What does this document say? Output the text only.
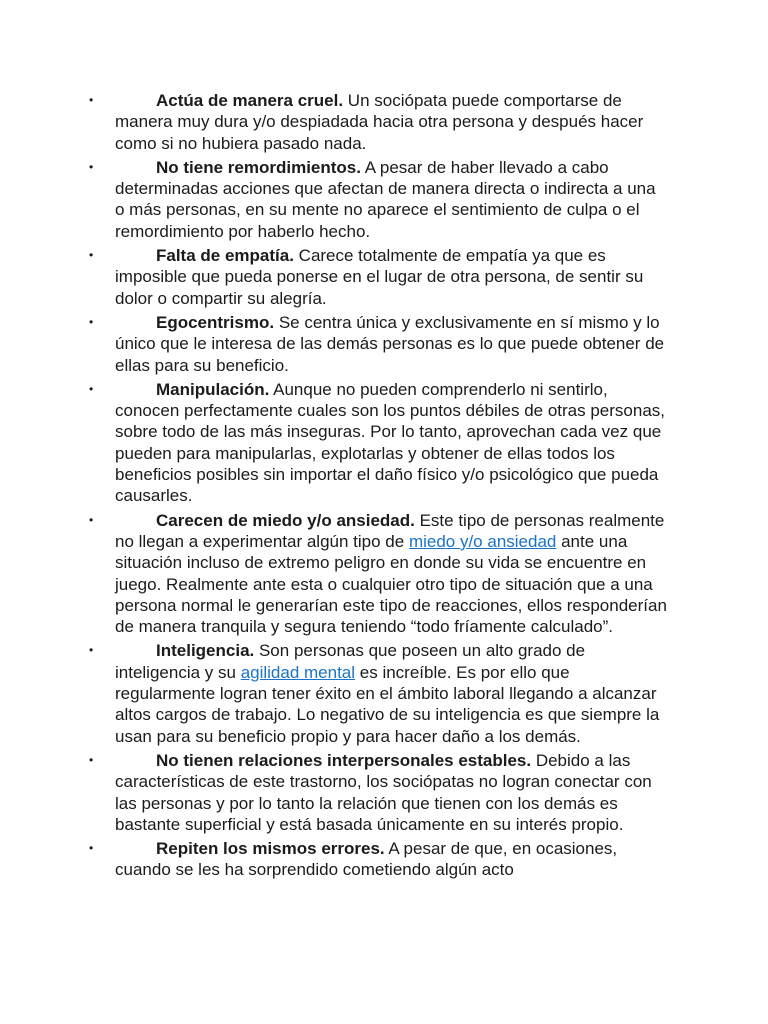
•	Actúa de manera cruel. Un sociópata puede comportarse de manera muy dura y/o despiadada hacia otra persona y después hacer como si no hubiera pasado nada.
•	No tiene remordimientos. A pesar de haber llevado a cabo determinadas acciones que afectan de manera directa o indirecta a una o más personas, en su mente no aparece el sentimiento de culpa o el remordimiento por haberlo hecho.
•	Falta de empatía. Carece totalmente de empatía ya que es imposible que pueda ponerse en el lugar de otra persona, de sentir su dolor o compartir su alegría.
•	Egocentrismo. Se centra única y exclusivamente en sí mismo y lo único que le interesa de las demás personas es lo que puede obtener de ellas para su beneficio.
•	Manipulación. Aunque no pueden comprenderlo ni sentirlo, conocen perfectamente cuales son los puntos débiles de otras personas, sobre todo de las más inseguras. Por lo tanto, aprovechan cada vez que pueden para manipularlas, explotarlas y obtener de ellas todos los beneficios posibles sin importar el daño físico y/o psicológico que pueda causarles.
•	Carecen de miedo y/o ansiedad. Este tipo de personas realmente no llegan a experimentar algún tipo de miedo y/o ansiedad ante una situación incluso de extremo peligro en donde su vida se encuentre en juego. Realmente ante esta o cualquier otro tipo de situación que a una persona normal le generarían este tipo de reacciones, ellos responderían de manera tranquila y segura teniendo “todo fríamente calculado”.
•	Inteligencia. Son personas que poseen un alto grado de inteligencia y su agilidad mental es increíble. Es por ello que regularmente logran tener éxito en el ámbito laboral llegando a alcanzar altos cargos de trabajo. Lo negativo de su inteligencia es que siempre la usan para su beneficio propio y para hacer daño a los demás.
•	No tienen relaciones interpersonales estables. Debido a las características de este trastorno, los sociópatas no logran conectar con las personas y por lo tanto la relación que tienen con los demás es bastante superficial y está basada únicamente en su interés propio.
•	Repiten los mismos errores. A pesar de que, en ocasiones, cuando se les ha sorprendido cometiendo algún acto
